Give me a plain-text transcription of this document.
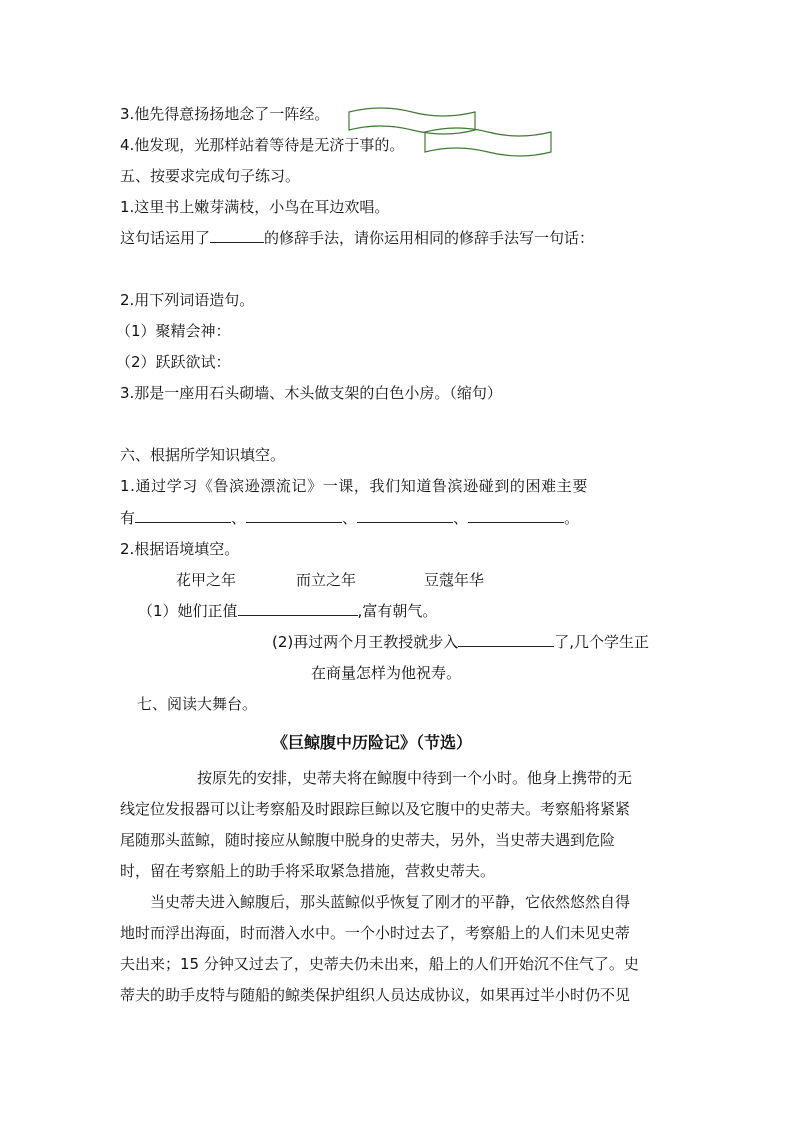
3.他先得意扬扬地念了一阵经。
4.他发现，光那样站着等待是无济于事的。
五、按要求完成句子练习。
1.这里书上嫩芽满枝，小鸟在耳边欢唱。
这句话运用了	的修辞手法，请你运用相同的修辞手法写一句话：
2.用下列词语造句。
（1）聚精会神：
（2）跃跃欲试：
3.那是一座用石头砌墙、木头做支架的白色小房。（缩句）
六、根据所学知识填空。
1.通过学习《鲁滨逊漂流记》一课，我们知道鲁滨逊碰到的困难主要
有	、	、	、	。
2.根据语境填空。
花甲之年	而立之年	豆蔻年华
（1）她们正值	,富有朝气。
(2)再过两个月王教授就步入	了,几个学生正
在商量怎样为他祝寿。
七、阅读大舞台。
《巨鲸腹中历险记》（节选）
按原先的安排，史蒂夫将在鲸腹中待到一个小时。他身上携带的无
线定位发报器可以让考察船及时跟踪巨鲸以及它腹中的史蒂夫。考察船将紧紧
尾随那头蓝鲸，随时接应从鲸腹中脱身的史蒂夫，另外，当史蒂夫遇到危险
时，留在考察船上的助手将采取紧急措施，营救史蒂夫。
当史蒂夫进入鲸腹后，那头蓝鲸似乎恢复了刚才的平静，它依然悠然自得
地时而浮出海面，时而潜入水中。一个小时过去了，考察船上的人们未见史蒂
夫出来；15 分钟又过去了，史蒂夫仍未出来，船上的人们开始沉不住气了。史
蒂夫的助手皮特与随船的鲸类保护组织人员达成协议，如果再过半小时仍不见
